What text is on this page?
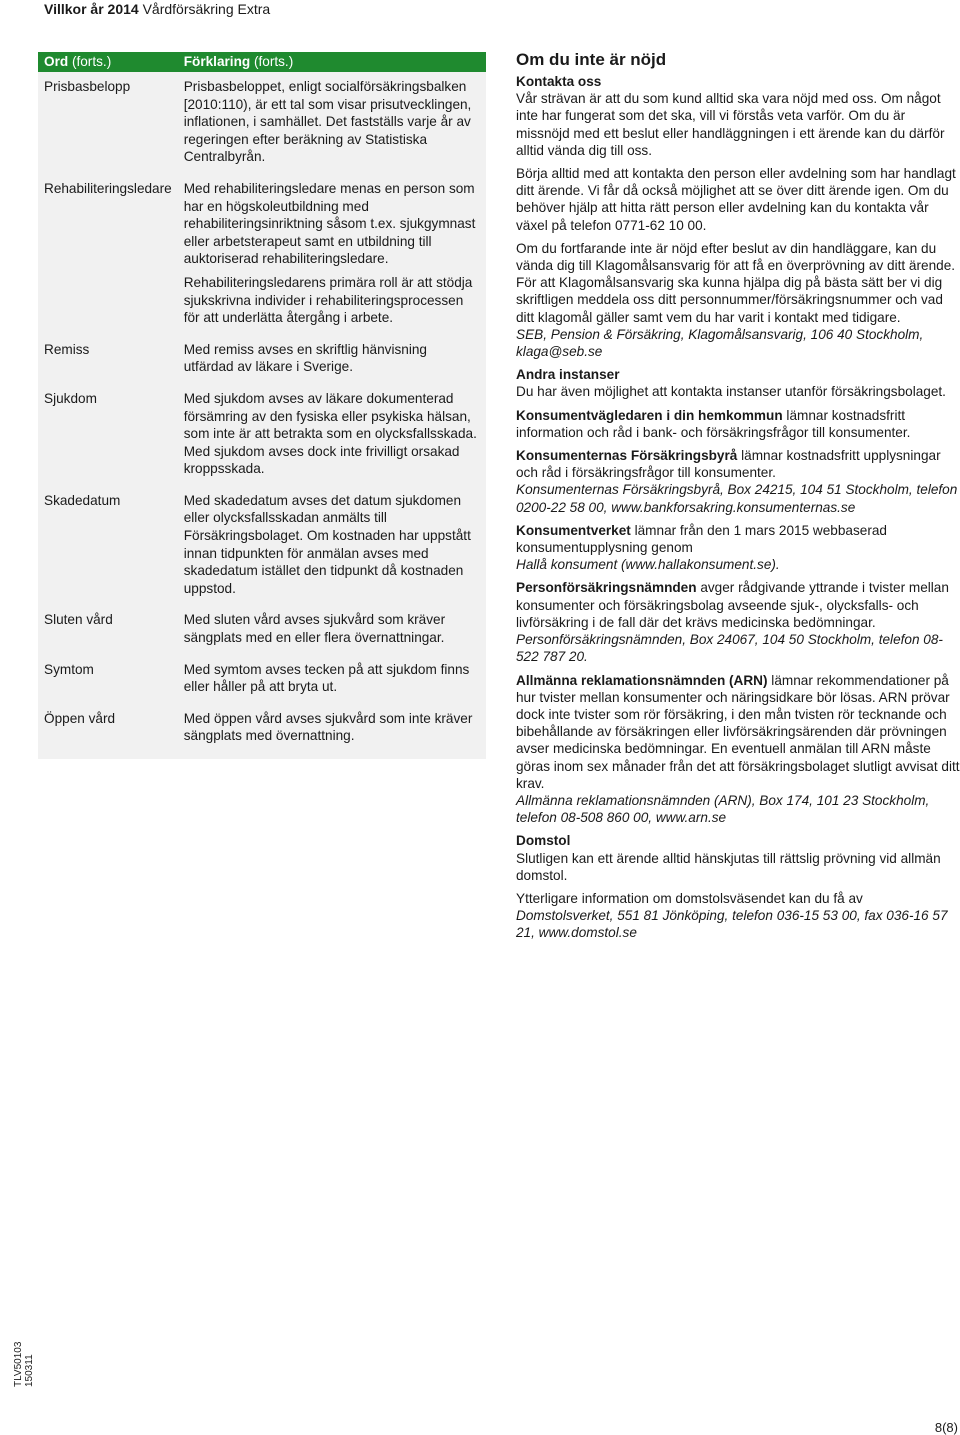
Villkor år 2014 Vårdförsäkring Extra
Ord (forts.)	Förklaring (forts.)
Prisbasbelopp	Prisbasbeloppet, enligt socialförsäkringsbalken [2010:110), är ett tal som visar prisutvecklingen, inflationen, i samhället. Det fastställs varje år av regeringen efter beräkning av Statistiska Centralbyrån.

Rehabiliteringsledare	Med rehabiliteringsledare menas en person som har en högskoleutbildning med rehabiliteringsinriktning såsom t.ex. sjukgymnast eller arbetsterapeut samt en utbildning till auktoriserad rehabiliteringsledare.

Rehabiliteringsledarens primära roll är att stödja sjukskrivna individer i rehabiliteringsprocessen för att underlätta återgång i arbete.

Remiss	Med remiss avses en skriftlig hänvisning utfärdad av läkare i Sverige.

Sjukdom	Med sjukdom avses av läkare dokumenterad försämring av den fysiska eller psykiska hälsan, som inte är att betrakta som en olycksfallsskada. Med sjukdom avses dock inte frivilligt orsakad kroppsskada.

Skadedatum	Med skadedatum avses det datum sjukdomen eller olycksfallsskadan anmälts till Försäkringsbolaget. Om kostnaden har uppstått innan tidpunkten för anmälan avses med skadedatum istället den tidpunkt då kostnaden uppstod.

Sluten vård	Med sluten vård avses sjukvård som kräver sängplats med en eller flera övernattningar.

Symtom	Med symtom avses tecken på att sjukdom finns eller håller på att bryta ut.

Öppen vård	Med öppen vård avses sjukvård som inte kräver sängplats med övernattning.

Om du inte är nöjd
Kontakta oss

Vår strävan är att du som kund alltid ska vara nöjd med oss. Om något inte har fungerat som det ska, vill vi förstås veta varför. Om du är missnöjd med ett beslut eller handläggningen i ett ärende kan du därför alltid vända dig till oss.

Börja alltid med att kontakta den person eller avdelning som har handlagt ditt ärende. Vi får då också möjlighet att se över ditt ärende igen. Om du behöver hjälp att hitta rätt person eller avdelning kan du kontakta vår växel på telefon 0771-62 10 00.

Om du fortfarande inte är nöjd efter beslut av din handläggare, kan du vända dig till Klagomålsansvarig för att få en överprövning av ditt ärende. För att Klagomålsansvarig ska kunna hjälpa dig på bästa sätt ber vi dig skriftligen meddela oss ditt personnummer/försäkringsnummer och vad ditt klagomål gäller samt vem du har varit i kontakt med tidigare.
SEB, Pension & Försäkring, Klagomålsansvarig, 106 40 Stockholm, klaga@seb.se

Andra instanser

Du har även möjlighet att kontakta instanser utanför försäkringsbolaget.

Konsumentvägledaren i din hemkommun lämnar kostnadsfritt information och råd i bank- och försäkringsfrågor till konsumenter.

Konsumenternas Försäkringsbyrå lämnar kostnadsfritt upplysningar och råd i försäkringsfrågor till konsumenter.
Konsumenternas Försäkringsbyrå, Box 24215, 104 51 Stockholm, telefon 0200-22 58 00, www.bankforsakring.konsumenternas.se

Konsumentverket lämnar från den 1 mars 2015 webbaserad konsumentupplysning genom
Hallå konsument (www.hallakonsument.se).

Personförsäkringsnämnden avger rådgivande yttrande i tvister mellan konsumenter och försäkringsbolag avseende sjuk-, olycksfalls- och livförsäkring i de fall där det krävs medicinska bedömningar.
Personförsäkringsnämnden, Box 24067, 104 50 Stockholm, telefon 08-522 787 20.

Allmänna reklamationsnämnden (ARN) lämnar rekommendationer på hur tvister mellan konsumenter och näringsidkare bör lösas. ARN prövar dock inte tvister som rör försäkring, i den mån tvisten rör tecknande och bibehållande av försäkringen eller livförsäkringsärenden där prövningen avser medicinska bedömningar. En eventuell anmälan till ARN måste göras inom sex månader från det att försäkringsbolaget slutligt avvisat ditt krav.
Allmänna reklamationsnämnden (ARN), Box 174, 101 23 Stockholm, telefon 08-508 860 00, www.arn.se

Domstol

Slutligen kan ett ärende alltid hänskjutas till rättslig prövning vid allmän domstol.

Ytterligare information om domstolsväsendet kan du få av Domstolsverket, 551 81 Jönköping, telefon 036-15 53 00, fax 036-16 57 21, www.domstol.se

TLV50103 150311
8(8)
